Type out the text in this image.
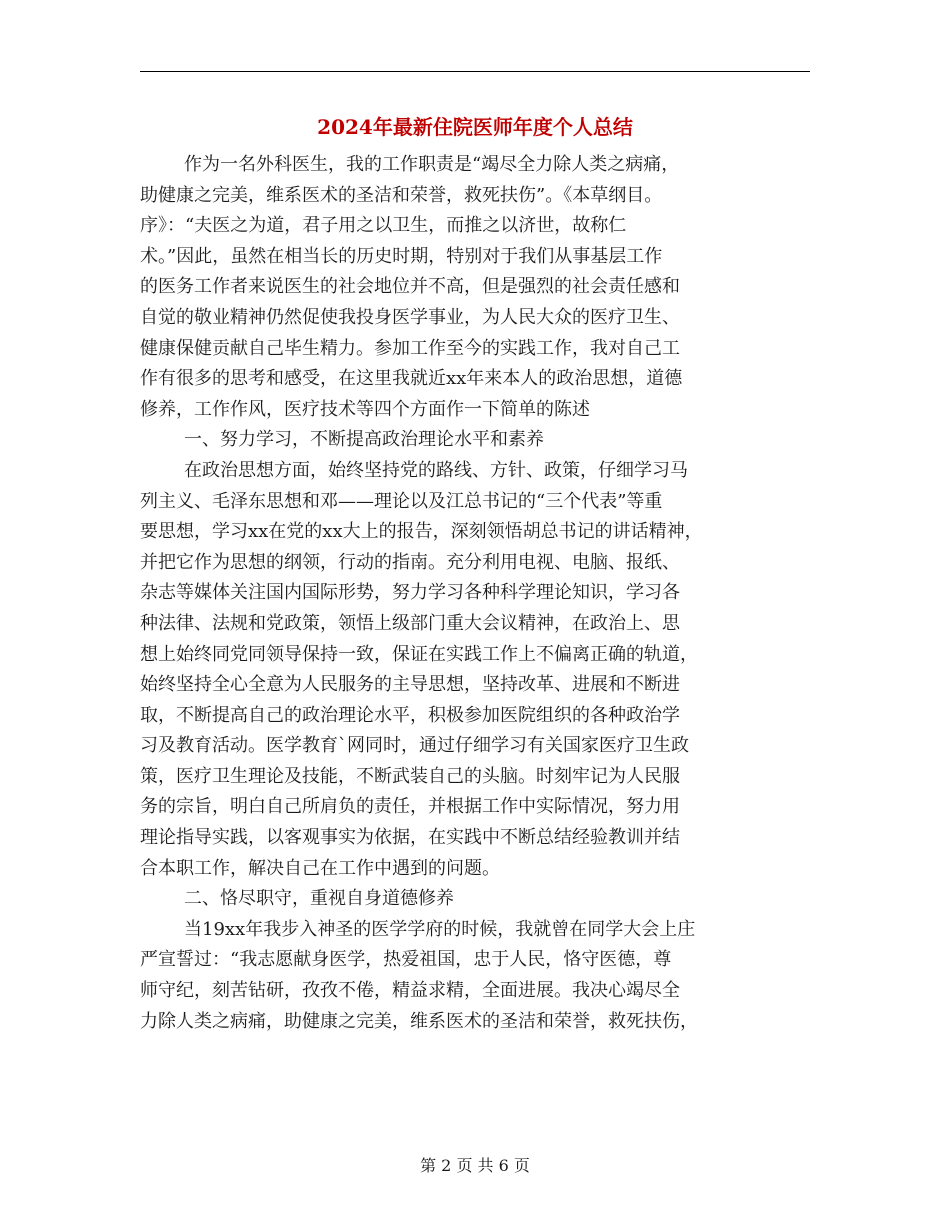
2024年最新住院医师年度个人总结
作为一名外科医生，我的工作职责是“竭尽全力除人类之病痛，
助健康之完美，维系医术的圣洁和荣誉，救死扶伤”。《本草纲目。
序》：“夫医之为道，君子用之以卫生，而推之以济世，故称仁
术。”因此，虽然在相当长的历史时期，特别对于我们从事基层工作
的医务工作者来说医生的社会地位并不高，但是强烈的社会责任感和
自觉的敬业精神仍然促使我投身医学事业，为人民大众的医疗卫生、
健康保健贡献自己毕生精力。参加工作至今的实践工作，我对自己工
作有很多的思考和感受，在这里我就近xx年来本人的政治思想，道德
修养，工作作风，医疗技术等四个方面作一下简单的陈述
一、努力学习，不断提高政治理论水平和素养
在政治思想方面，始终坚持党的路线、方针、政策，仔细学习马
列主义、毛泽东思想和邓——理论以及江总书记的“三个代表”等重
要思想，学习xx在党的xx大上的报告，深刻领悟胡总书记的讲话精神，
并把它作为思想的纲领，行动的指南。充分利用电视、电脑、报纸、
杂志等媒体关注国内国际形势，努力学习各种科学理论知识，学习各
种法律、法规和党政策，领悟上级部门重大会议精神，在政治上、思
想上始终同党同领导保持一致，保证在实践工作上不偏离正确的轨道，
始终坚持全心全意为人民服务的主导思想，坚持改革、进展和不断进
取，不断提高自己的政治理论水平，积极参加医院组织的各种政治学
习及教育活动。医学教育`网同时，通过仔细学习有关国家医疗卫生政
策，医疗卫生理论及技能，不断武装自己的头脑。时刻牢记为人民服
务的宗旨，明白自己所肩负的责任，并根据工作中实际情况，努力用
理论指导实践，以客观事实为依据，在实践中不断总结经验教训并结
合本职工作，解决自己在工作中遇到的问题。
二、恪尽职守，重视自身道德修养
当19xx年我步入神圣的医学学府的时候，我就曾在同学大会上庄
严宣誓过：“我志愿献身医学，热爱祖国，忠于人民，恪守医德，尊
师守纪，刻苦钻研，孜孜不倦，精益求精，全面进展。我决心竭尽全
力除人类之病痛，助健康之完美，维系医术的圣洁和荣誉，救死扶伤，
第 2 页 共 6 页
